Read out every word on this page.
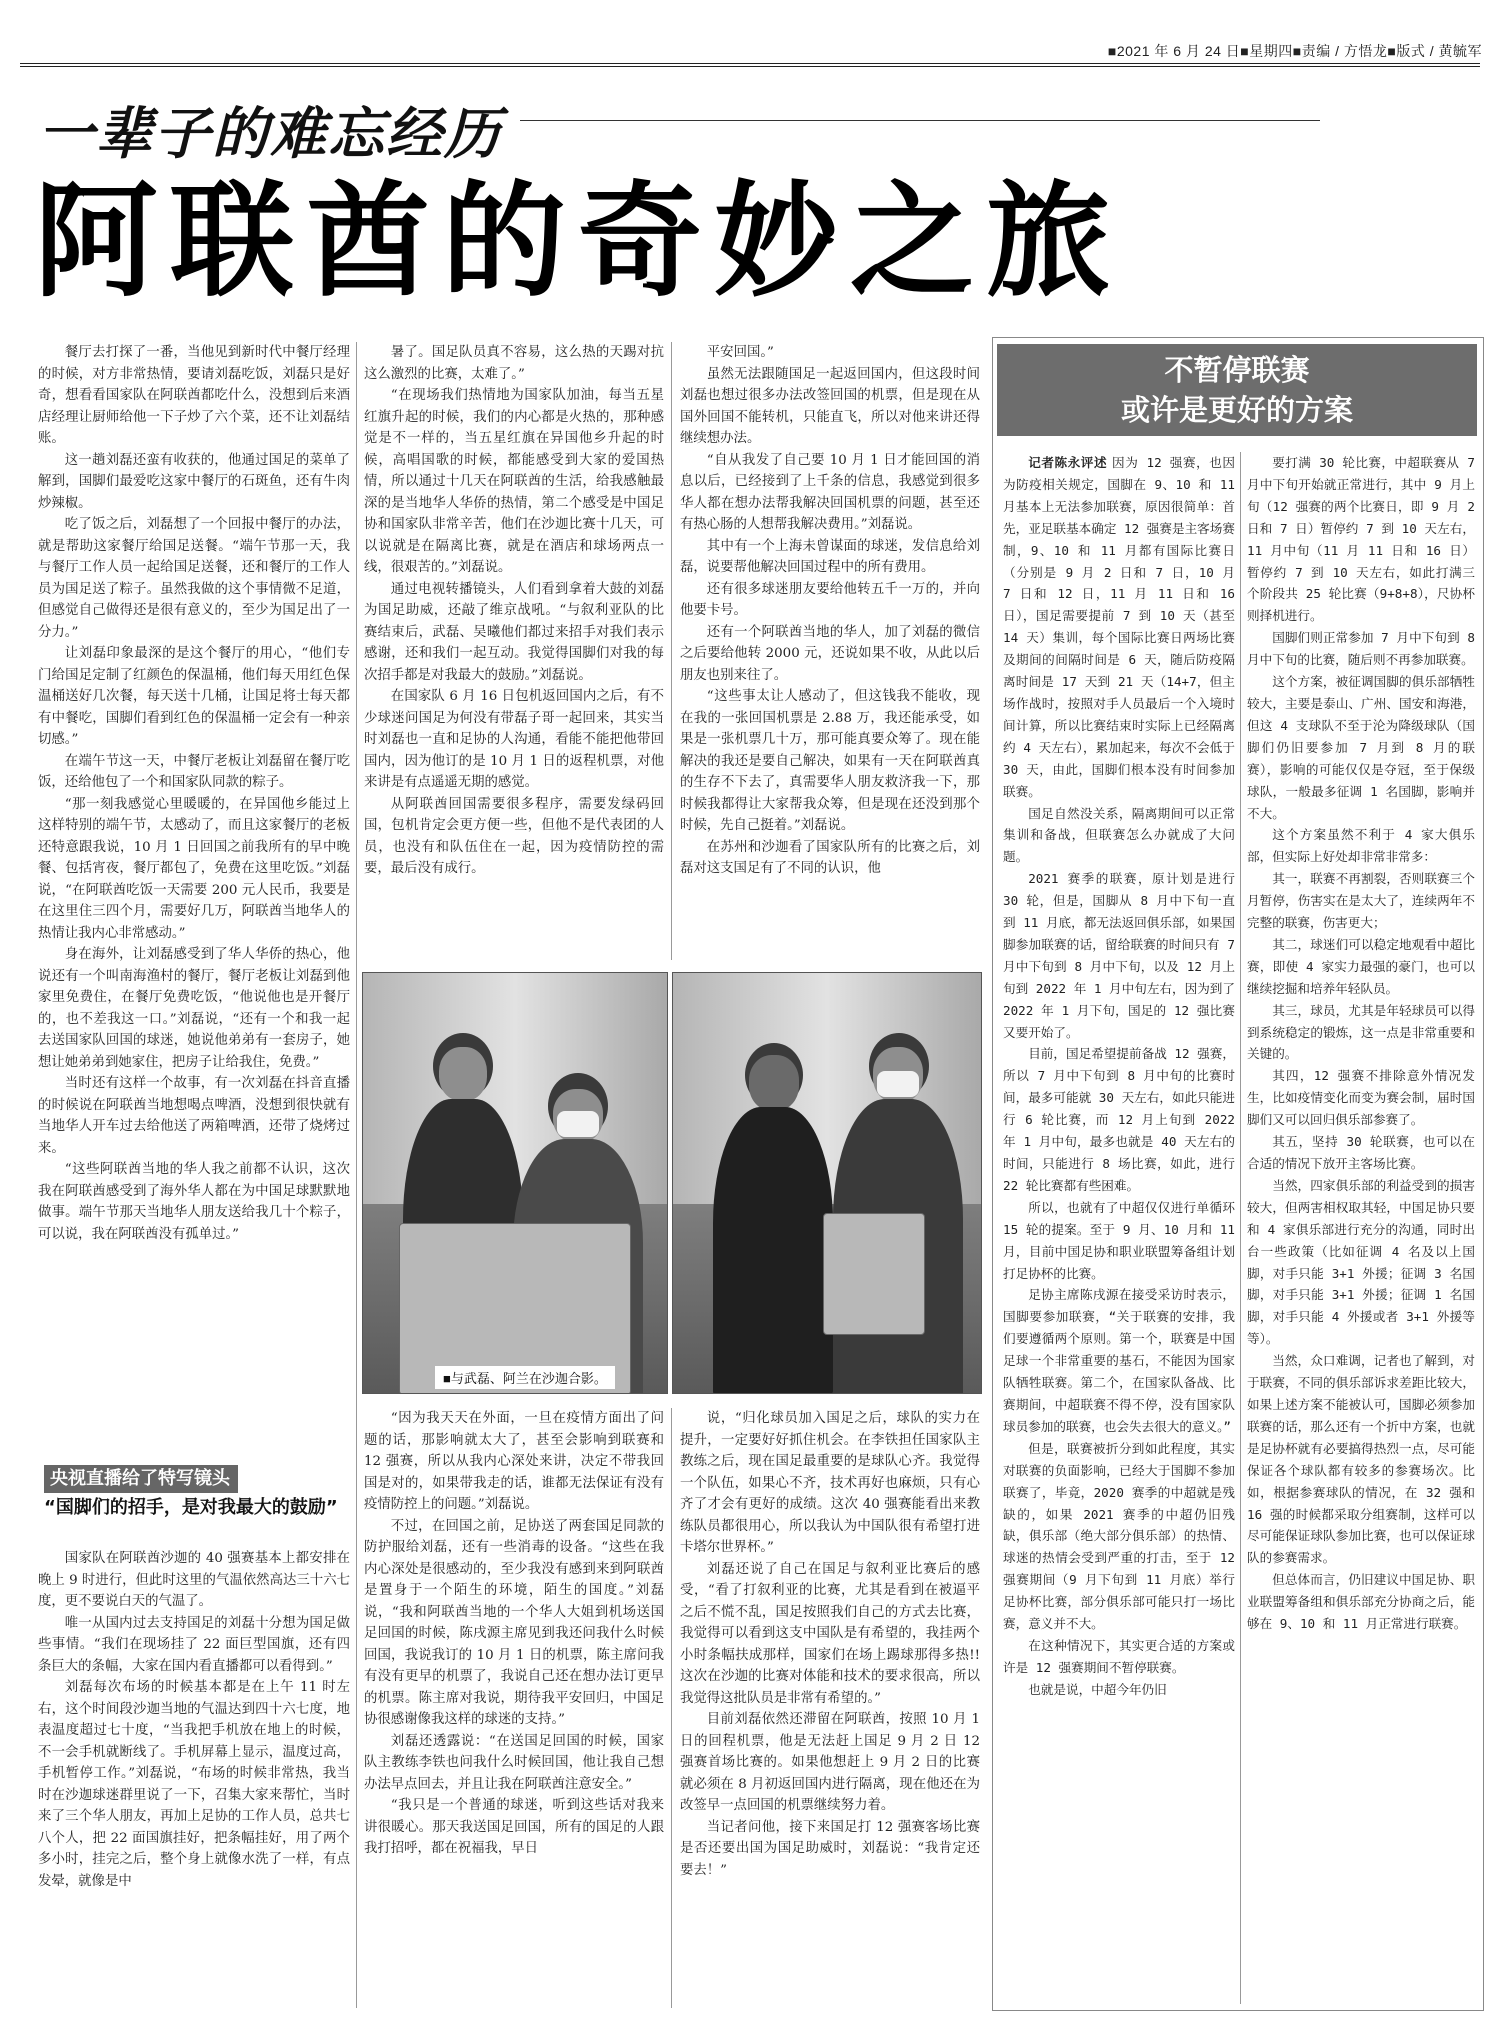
■2021 年 6 月 24 日■星期四■责编 / 方悟龙■版式 / 黄毓军
一辈子的难忘经历
阿联酋的奇妙之旅

餐厅去打探了一番，当他见到新时代中餐厅经理的时候，对方非常热情，要请刘磊吃饭，刘磊只是好奇，想看看国家队在阿联酋都吃什么，没想到后来酒店经理让厨师给他一下子炒了六个菜，还不让刘磊结账。

这一趟刘磊还蛮有收获的，他通过国足的菜单了解到，国脚们最爱吃这家中餐厅的石斑鱼，还有牛肉炒辣椒。

吃了饭之后，刘磊想了一个回报中餐厅的办法，就是帮助这家餐厅给国足送餐。“端午节那一天，我与餐厅工作人员一起给国足送餐，还和餐厅的工作人员为国足送了粽子。虽然我做的这个事情微不足道，但感觉自己做得还是很有意义的，至少为国足出了一分力。”

让刘磊印象最深的是这个餐厅的用心，“他们专门给国足定制了红颜色的保温桶，他们每天用红色保温桶送好几次餐，每天送十几桶，让国足将士每天都有中餐吃，国脚们看到红色的保温桶一定会有一种亲切感。”

在端午节这一天，中餐厅老板让刘磊留在餐厅吃饭，还给他包了一个和国家队同款的粽子。

“那一刻我感觉心里暖暖的，在异国他乡能过上这样特别的端午节，太感动了，而且这家餐厅的老板还特意跟我说，10 月 1 日回国之前我所有的早中晚餐、包括宵夜，餐厅都包了，免费在这里吃饭。”刘磊说，“在阿联酋吃饭一天需要 200 元人民币，我要是在这里住三四个月，需要好几万，阿联酋当地华人的热情让我内心非常感动。”

身在海外，让刘磊感受到了华人华侨的热心，他说还有一个叫南海渔村的餐厅，餐厅老板让刘磊到他家里免费住，在餐厅免费吃饭，“他说他也是开餐厅的，也不差我这一口。”刘磊说，“还有一个和我一起去送国家队回国的球迷，她说他弟弟有一套房子，她想让她弟弟到她家住，把房子让给我住，免费。”

当时还有这样一个故事，有一次刘磊在抖音直播的时候说在阿联酋当地想喝点啤酒，没想到很快就有当地华人开车过去给他送了两箱啤酒，还带了烧烤过来。

“这些阿联酋当地的华人我之前都不认识，这次我在阿联酋感受到了海外华人都在为中国足球默默地做事。端午节那天当地华人朋友送给我几十个粽子，可以说，我在阿联酋没有孤单过。”

央视直播给了特写镜头
“国脚们的招手，是对我最大的鼓励”

国家队在阿联酋沙迦的 40 强赛基本上都安排在晚上 9 时进行，但此时这里的气温依然高达三十六七度，更不要说白天的气温了。

唯一从国内过去支持国足的刘磊十分想为国足做些事情。“我们在现场挂了 22 面巨型国旗，还有四条巨大的条幅，大家在国内看直播都可以看得到。”

刘磊每次布场的时候基本都是在上午 11 时左右，这个时间段沙迦当地的气温达到四十六七度，地表温度超过七十度，“当我把手机放在地上的时候，不一会手机就断线了。手机屏幕上显示，温度过高，手机暂停工作。”刘磊说，“布场的时候非常热，我当时在沙迦球迷群里说了一下，召集大家来帮忙，当时来了三个华人朋友，再加上足协的工作人员，总共七八个人，把 22 面国旗挂好，把条幅挂好，用了两个多小时，挂完之后，整个身上就像水洗了一样，有点发晕，就像是中

暑了。国足队员真不容易，这么热的天踢对抗这么激烈的比赛，太难了。”

“在现场我们热情地为国家队加油，每当五星红旗升起的时候，我们的内心都是火热的，那种感觉是不一样的，当五星红旗在异国他乡升起的时候，高唱国歌的时候，都能感受到大家的爱国热情，所以通过十几天在阿联酋的生活，给我感触最深的是当地华人华侨的热情，第二个感受是中国足协和国家队非常辛苦，他们在沙迦比赛十几天，可以说就是在隔离比赛，就是在酒店和球场两点一线，很艰苦的。”刘磊说。

通过电视转播镜头，人们看到拿着大鼓的刘磊为国足助威，还敲了维京战吼。“与叙利亚队的比赛结束后，武磊、吴曦他们都过来招手对我们表示感谢，还和我们一起互动。我觉得国脚们对我的每次招手都是对我最大的鼓励。”刘磊说。

在国家队 6 月 16 日包机返回国内之后，有不少球迷问国足为何没有带磊子哥一起回来，其实当时刘磊也一直和足协的人沟通，看能不能把他带回国内，因为他订的是 10 月 1 日的返程机票，对他来讲是有点遥遥无期的感觉。

从阿联酋回国需要很多程序，需要发绿码回国，包机肯定会更方便一些，但他不是代表团的人员，也没有和队伍住在一起，因为疫情防控的需要，最后没有成行。

平安回国。”

虽然无法跟随国足一起返回国内，但这段时间刘磊也想过很多办法改签回国的机票，但是现在从国外回国不能转机，只能直飞，所以对他来讲还得继续想办法。

“自从我发了自己要 10 月 1 日才能回国的消息以后，已经接到了上千条的信息，我感觉到很多华人都在想办法帮我解决回国机票的问题，甚至还有热心肠的人想帮我解决费用。”刘磊说。

其中有一个上海未曾谋面的球迷，发信息给刘磊，说要帮他解决回国过程中的所有费用。

还有很多球迷朋友要给他转五千一万的，并向他要卡号。

还有一个阿联酋当地的华人，加了刘磊的微信之后要给他转 2000 元，还说如果不收，从此以后朋友也别来往了。

“这些事太让人感动了，但这钱我不能收，现在我的一张回国机票是 2.88 万，我还能承受，如果是一张机票几十万，那可能真要众筹了。现在能解决的我还是要自己解决，如果有一天在阿联酋真的生存不下去了，真需要华人朋友救济我一下，那时候我都得让大家帮我众筹，但是现在还没到那个时候，先自己挺着。”刘磊说。

在苏州和沙迦看了国家队所有的比赛之后，刘磊对这支国足有了不同的认识，他

■与武磊、阿兰在沙迦合影。

“因为我天天在外面，一旦在疫情方面出了问题的话，那影响就太大了，甚至会影响到联赛和 12 强赛，所以从我内心深处来讲，决定不带我回国是对的，如果带我走的话，谁都无法保证有没有疫情防控上的问题。”刘磊说。

不过，在回国之前，足协送了两套国足同款的防护服给刘磊，还有一些消毒的设备。“这些在我内心深处是很感动的，至少我没有感到来到阿联酋是置身于一个陌生的环境，陌生的国度。”刘磊说，“我和阿联酋当地的一个华人大姐到机场送国足回国的时候，陈戌源主席见到我还问我什么时候回国，我说我订的 10 月 1 日的机票，陈主席问我有没有更早的机票了，我说自己还在想办法订更早的机票。陈主席对我说，期待我平安回归，中国足协很感谢像我这样的球迷的支持。”

刘磊还透露说：“在送国足回国的时候，国家队主教练李铁也问我什么时候回国，他让我自己想办法早点回去，并且让我在阿联酋注意安全。”

“我只是一个普通的球迷，听到这些话对我来讲很暖心。那天我送国足回国，所有的国足的人跟我打招呼，都在祝福我，早日

说，“归化球员加入国足之后，球队的实力在提升，一定要好好抓住机会。在李铁担任国家队主教练之后，现在国足最重要的是球队心齐。我觉得一个队伍，如果心不齐，技术再好也麻烦，只有心齐了才会有更好的成绩。这次 40 强赛能看出来教练队员都很用心，所以我认为中国队很有希望打进卡塔尔世界杯。”

刘磊还说了自己在国足与叙利亚比赛后的感受，“看了打叙利亚的比赛，尤其是看到在被逼平之后不慌不乱，国足按照我们自己的方式去比赛，我觉得可以看到这支中国队是有希望的，我挂两个小时条幅扶成那样，国家们在场上踢球那得多热!!这次在沙迦的比赛对体能和技术的要求很高，所以我觉得这批队员是非常有希望的。”

目前刘磊依然还滞留在阿联酋，按照 10 月 1 日的回程机票，他是无法赶上国足 9 月 2 日 12 强赛首场比赛的。如果他想赶上 9 月 2 日的比赛就必须在 8 月初返回国内进行隔离，现在他还在为改签早一点回国的机票继续努力着。

当记者问他，接下来国足打 12 强赛客场比赛是否还要出国为国足助威时，刘磊说：“我肯定还要去！”

不暂停联赛
或许是更好的方案

记者陈永评述 因为 12 强赛，也因为防疫相关规定，国脚在 9、10 和 11 月基本上无法参加联赛，原因很简单：首先，亚足联基本确定 12 强赛是主客场赛制，9、10 和 11 月都有国际比赛日（分别是 9 月 2 日和 7 日，10 月 7 日和 12 日，11 月 11 日和 16 日），国足需要提前 7 到 10 天（甚至 14 天）集训，每个国际比赛日两场比赛及期间的间隔时间是 6 天，随后防疫隔离时间是 17 天到 21 天（14+7，但主场作战时，按照对手人员最后一个入境时间计算，所以比赛结束时实际上已经隔离约 4 天左右），累加起来，每次不会低于 30 天，由此，国脚们根本没有时间参加联赛。

国足自然没关系，隔离期间可以正常集训和备战，但联赛怎么办就成了大问题。

2021 赛季的联赛，原计划是进行 30 轮，但是，国脚从 8 月中下旬一直到 11 月底，都无法返回俱乐部，如果国脚参加联赛的话，留给联赛的时间只有 7 月中下旬到 8 月中下旬，以及 12 月上旬到 2022 年 1 月中旬左右，因为到了 2022 年 1 月下旬，国足的 12 强比赛又要开始了。

目前，国足希望提前备战 12 强赛，所以 7 月中下旬到 8 月中旬的比赛时间，最多可能就 30 天左右，如此只能进行 6 轮比赛，而 12 月上旬到 2022 年 1 月中旬，最多也就是 40 天左右的时间，只能进行 8 场比赛，如此，进行 22 轮比赛都有些困难。

所以，也就有了中超仅仅进行单循环 15 轮的提案。至于 9 月、10 月和 11 月，目前中国足协和职业联盟筹备组计划打足协杯的比赛。

足协主席陈戌源在接受采访时表示，国脚要参加联赛，“关于联赛的安排，我们要遵循两个原则。第一个，联赛是中国足球一个非常重要的基石，不能因为国家队牺牲联赛。第二个，在国家队备战、比赛期间，中超联赛不得不停，没有国家队球员参加的联赛，也会失去很大的意义。”

但是，联赛被折分到如此程度，其实对联赛的负面影响，已经大于国脚不参加联赛了，毕竟，2020 赛季的中超就是残缺的，如果 2021 赛季的中超仍旧残缺，俱乐部（绝大部分俱乐部）的热情、球迷的热情会受到严重的打击，至于 12 强赛期间（9 月下旬到 11 月底）举行足协杯比赛，部分俱乐部可能只打一场比赛，意义并不大。

在这种情况下，其实更合适的方案或许是 12 强赛期间不暂停联赛。

也就是说，中超今年仍旧

要打满 30 轮比赛，中超联赛从 7 月中下旬开始就正常进行，其中 9 月上旬（12 强赛的两个比赛日，即 9 月 2 日和 7 日）暂停约 7 到 10 天左右，11 月中旬（11 月 11 日和 16 日）暂停约 7 到 10 天左右，如此打满三个阶段共 25 轮比赛（9+8+8），尺协杯则择机进行。

国脚们则正常参加 7 月中下旬到 8 月中下旬的比赛，随后则不再参加联赛。

这个方案，被征调国脚的俱乐部牺牲较大，主要是泰山、广州、国安和海港，但这 4 支球队不至于沦为降级球队（国脚们仍旧要参加 7 月到 8 月的联赛），影响的可能仅仅是夺冠，至于保级球队，一般最多征调 1 名国脚，影响并不大。

这个方案虽然不利于 4 家大俱乐部，但实际上好处却非常非常多：

其一，联赛不再割裂，否则联赛三个月暂停，伤害实在是太大了，连续两年不完整的联赛，伤害更大；

其二，球迷们可以稳定地观看中超比赛，即使 4 家实力最强的豪门，也可以继续挖掘和培养年轻队员。

其三，球员，尤其是年轻球员可以得到系统稳定的锻炼，这一点是非常重要和关键的。

其四，12 强赛不排除意外情况发生，比如疫情变化而变为赛会制，届时国脚们又可以回归俱乐部参赛了。

其五，坚持 30 轮联赛，也可以在合适的情况下放开主客场比赛。

当然，四家俱乐部的利益受到的损害较大，但两害相权取其轻，中国足协只要和 4 家俱乐部进行充分的沟通，同时出台一些政策（比如征调 4 名及以上国脚，对手只能 3+1 外援；征调 3 名国脚，对手只能 3+1 外援；征调 1 名国脚，对手只能 4 外援或者 3+1 外援等等）。

当然，众口难调，记者也了解到，对于联赛，不同的俱乐部诉求差距比较大，如果上述方案不能被认可，国脚必须参加联赛的话，那么还有一个折中方案，也就是足协杯就有必要搞得热烈一点，尽可能保证各个球队都有较多的参赛场次。比如，根据参赛球队的情况，在 32 强和 16 强的时候都采取分组赛制，这样可以尽可能保证球队参加比赛，也可以保证球队的参赛需求。

但总体而言，仍旧建议中国足协、职业联盟筹备组和俱乐部充分协商之后，能够在 9、10 和 11 月正常进行联赛。
